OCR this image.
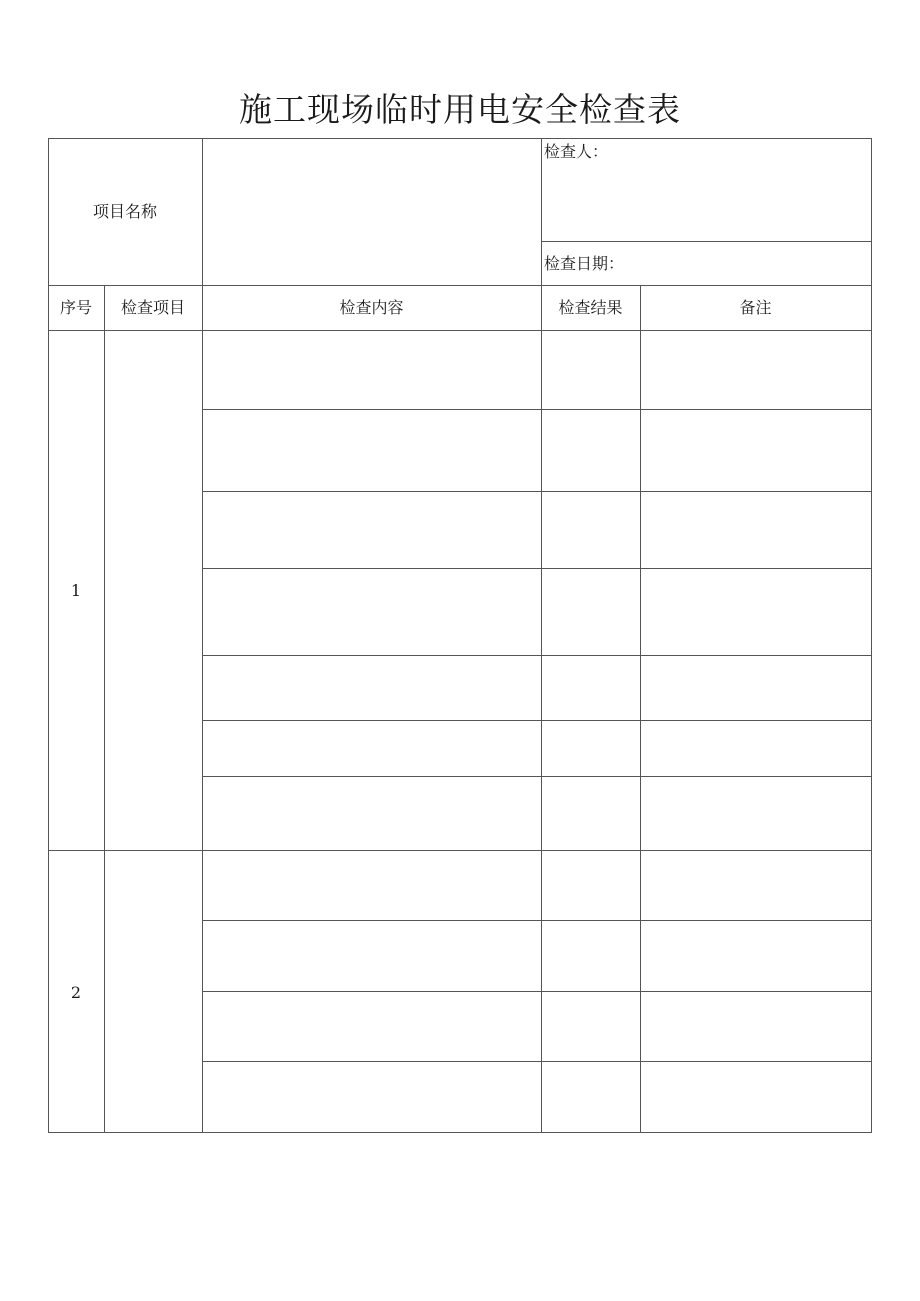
施工现场临时用电安全检查表
项目名称
检查人：
检查日期：
序号	检查项目	检查内容	检查结果	备注
1
2
